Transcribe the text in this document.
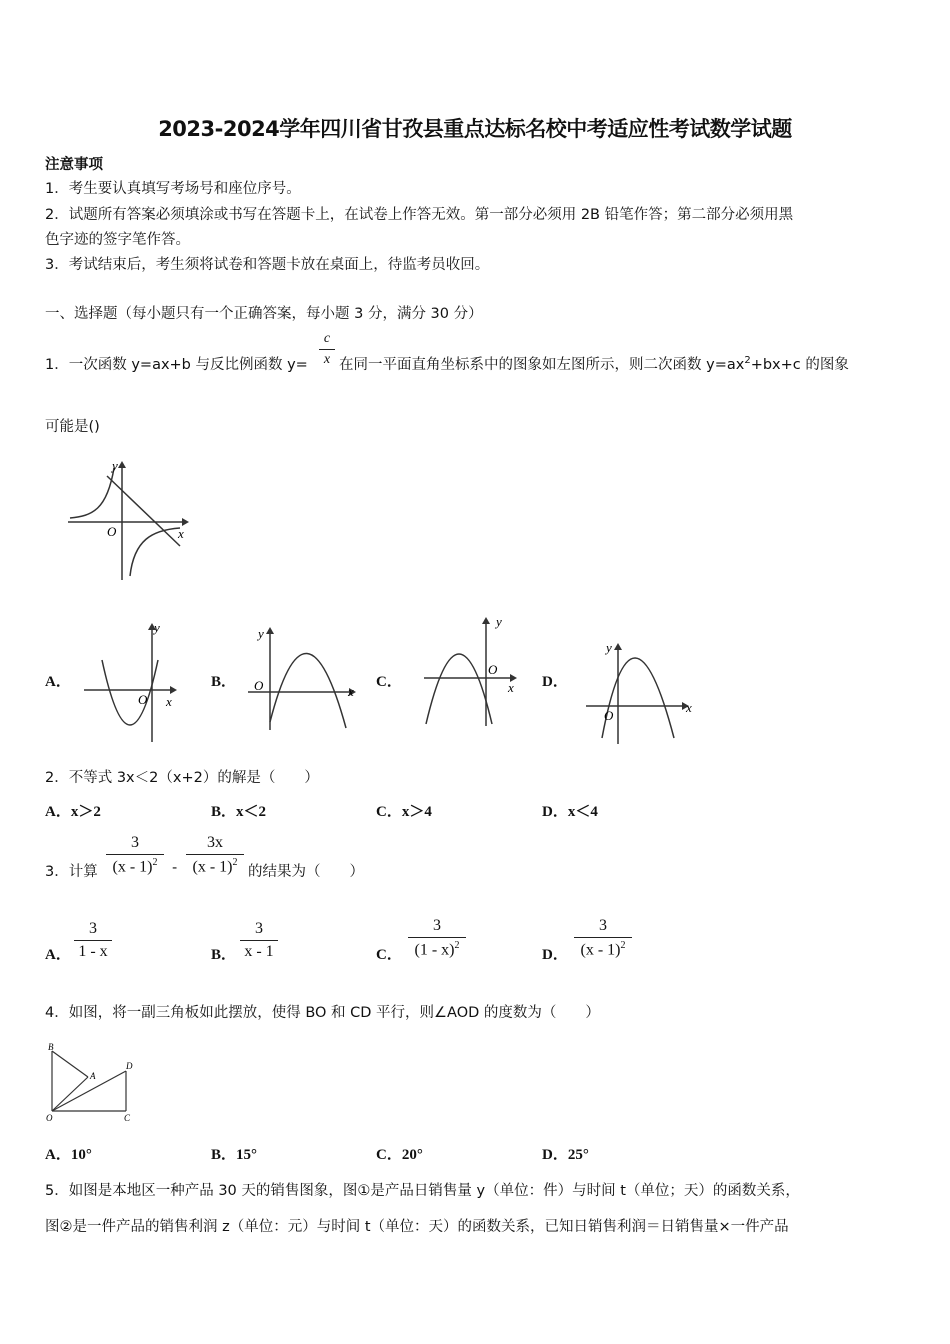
2023-2024学年四川省甘孜县重点达标名校中考适应性考试数学试题
注意事项
1．考生要认真填写考场号和座位序号。
2．试题所有答案必须填涂或书写在答题卡上，在试卷上作答无效。第一部分必须用 2B 铅笔作答；第二部分必须用黑
色字迹的签字笔作答。
3．考试结束后，考生须将试卷和答题卡放在桌面上，待监考员收回。
一、选择题（每小题只有一个正确答案，每小题 3 分，满分 30 分）
1．一次函数 y=ax+b 与反比例函数 y=
c
x 在同一平面直角坐标系中的图象如左图所示，则二次函数 $y=ax^2+bx+c$ 的图象
可能是()
x
y
O
A．
x
y
O
B．
x
y
O	C．	x
y
O
D．
x
y
O
2．不等式 3x＜2（x+2）的解是（　　）
A．x＞2	B．x＜2	C．x＞4	D．x＜4
3．计算
3
(x - 1)$^2$	-
3x
(x - 1)$^2$
的结果为（　　）
A．
3
1 - x	B．
3
x - 1	C．
3
(1 - x)$^2$
D．
3
(x - 1)$^2$
4．如图，将一副三角板如此摆放，使得 BO 和 CD 平行，则∠AOD 的度数为（　　）
B
A
D
O	C
A．10°	B．15°	C．20°	D．25°
5．如图是本地区一种产品 30 天的销售图象，图①是产品日销售量 y（单位：件）与时间 t（单位；天）的函数关系，
图②是一件产品的销售利润 z（单位：元）与时间 t（单位：天）的函数关系，已知日销售利润＝日销售量×一件产品
